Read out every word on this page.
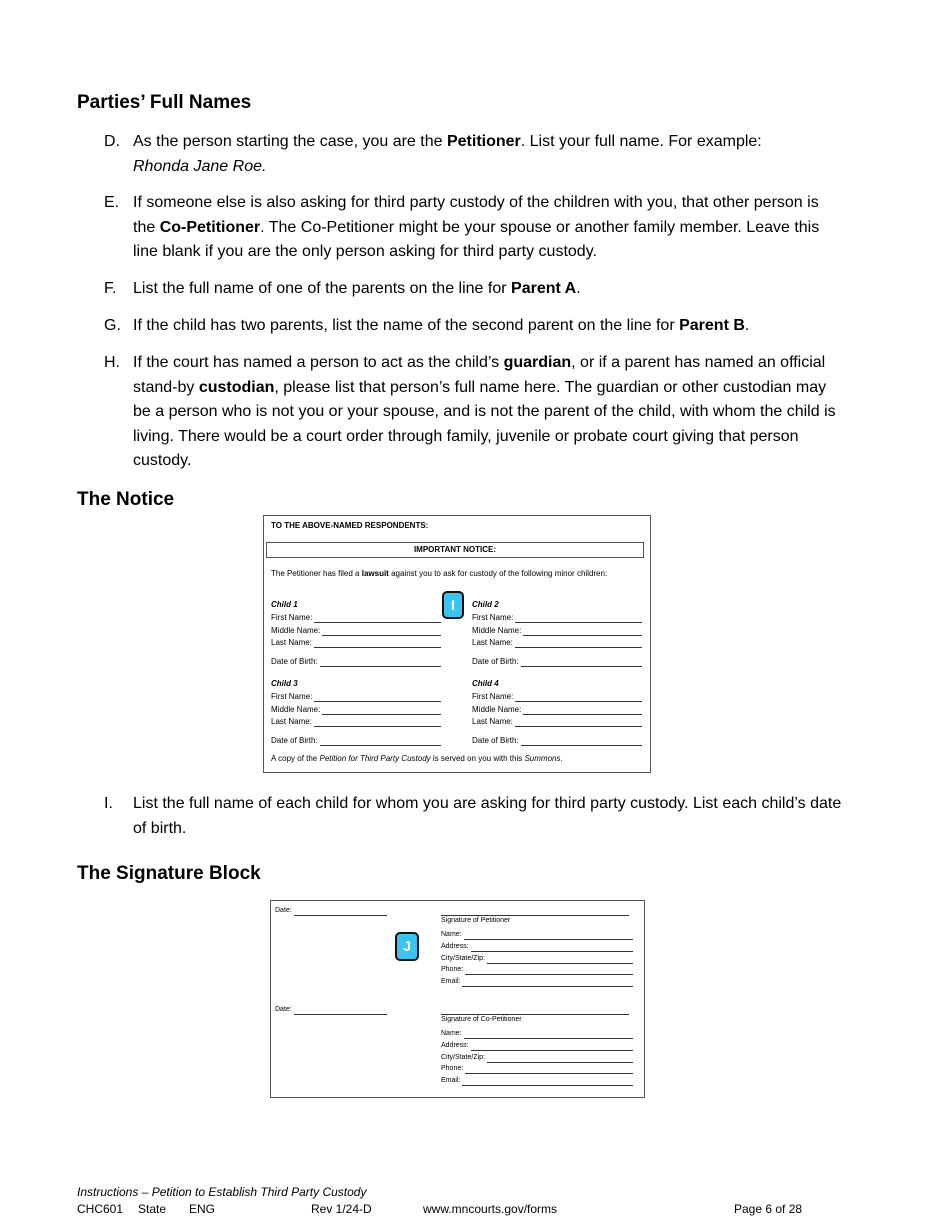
Parties’ Full Names
D. As the person starting the case, you are the Petitioner. List your full name. For example:
Rhonda Jane Roe.
E. If someone else is also asking for third party custody of the children with you, that other person is the Co-Petitioner. The Co-Petitioner might be your spouse or another family member. Leave this line blank if you are the only person asking for third party custody.
F. List the full name of one of the parents on the line for Parent A.
G. If the child has two parents, list the name of the second parent on the line for Parent B.
H. If the court has named a person to act as the child’s guardian, or if a parent has named an official stand-by custodian, please list that person’s full name here. The guardian or other custodian may be a person who is not you or your spouse, and is not the parent of the child, with whom the child is living. There would be a court order through family, juvenile or probate court giving that person custody.
The Notice
TO THE ABOVE-NAMED RESPONDENTS:
IMPORTANT NOTICE:
The Petitioner has filed a lawsuit against you to ask for custody of the following minor children:
Child 1
First Name:
Middle Name:
Last Name:
Date of Birth:
Child 2
First Name:
Middle Name:
Last Name:
Date of Birth:
Child 3
First Name:
Middle Name:
Last Name:
Date of Birth:
Child 4
First Name:
Middle Name:
Last Name:
Date of Birth:
I
A copy of the Petition for Third Party Custody is served on you with this Summons.
I. List the full name of each child for whom you are asking for third party custody. List each child’s date of birth.
The Signature Block
Date:
Signature of Petitioner
Name:
Address:
City/State/Zip:
Phone:
Email:
J
Date:
Signature of Co-Petitioner
Name:
Address:
City/State/Zip:
Phone:
Email:
Instructions – Petition to Establish Third Party Custody
CHC601 State ENG	Rev 1/24-D	www.mncourts.gov/forms	Page 6 of 28
